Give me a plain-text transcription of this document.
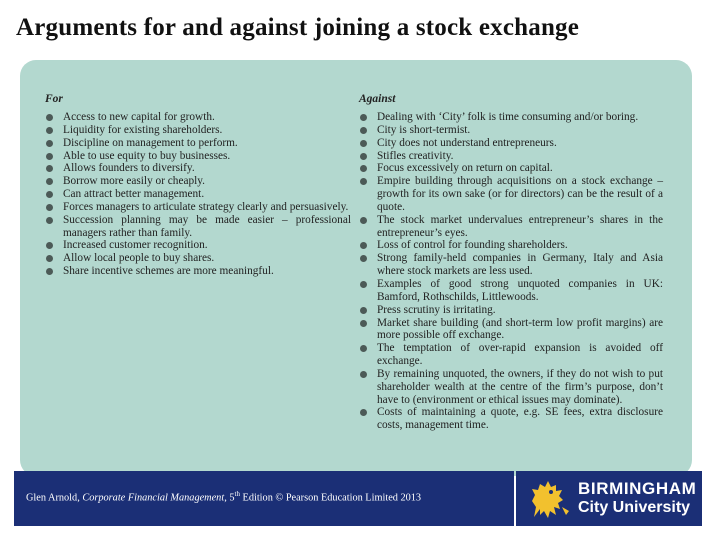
Arguments for and against joining a stock exchange
For
Access to new capital for growth.
Liquidity for existing shareholders.
Discipline on management to perform.
Able to use equity to buy businesses.
Allows founders to diversify.
Borrow more easily or cheaply.
Can attract better management.
Forces managers to articulate strategy clearly and persuasively.
Succession planning may be made easier – professional managers rather than family.
Increased customer recognition.
Allow local people to buy shares.
Share incentive schemes are more meaningful.
Against
Dealing with ‘City’ folk is time consuming and/or boring.
City is short-termist.
City does not understand entrepreneurs.
Stifles creativity.
Focus excessively on return on capital.
Empire building through acquisitions on a stock exchange – growth for its own sake (or for directors) can be the result of a quote.
The stock market undervalues entrepreneur’s shares in the entrepreneur’s eyes.
Loss of control for founding shareholders.
Strong family-held companies in Germany, Italy and Asia where stock markets are less used.
Examples of good strong unquoted companies in UK: Bamford, Rothschilds, Littlewoods.
Press scrutiny is irritating.
Market share building (and short-term low profit margins) are more possible off exchange.
The temptation of over-rapid expansion is avoided off exchange.
By remaining unquoted, the owners, if they do not wish to put shareholder wealth at the centre of the firm’s purpose, don’t have to (environment or ethical issues may dominate).
Costs of maintaining a quote, e.g. SE fees, extra disclosure costs, management time.
Glen Arnold, Corporate Financial Management, 5th Edition © Pearson Education Limited 2013	BIRMINGHAM
City University
